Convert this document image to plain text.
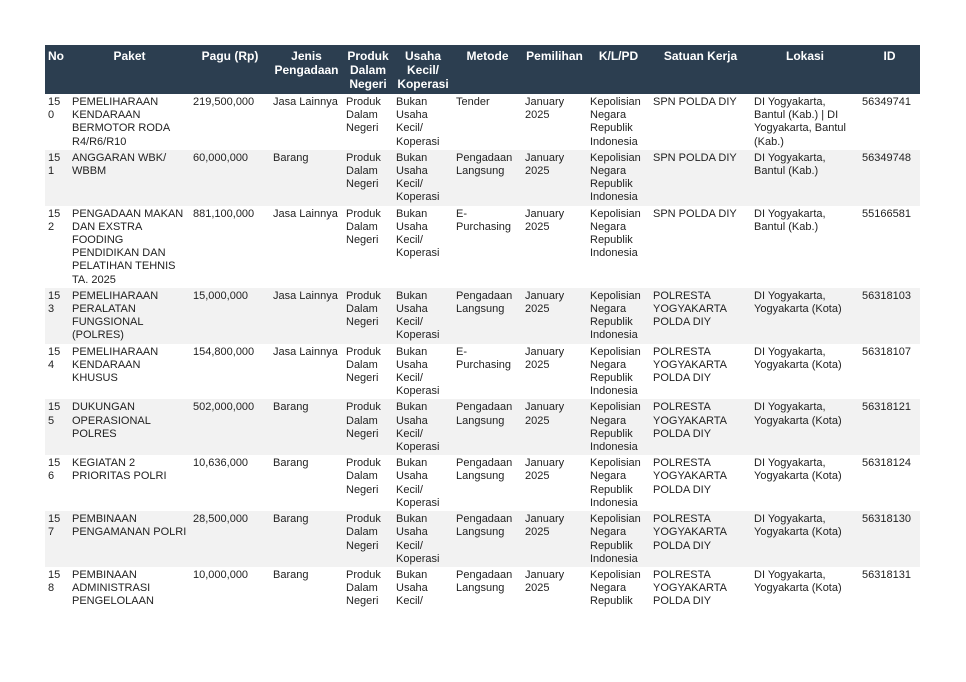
No	Paket	Pagu (Rp)	Jenis Pengadaan	Produk Dalam Negeri	Usaha Kecil/ Koperasi	Metode	Pemilihan	K/L/PD	Satuan Kerja	Lokasi	ID
150	PEMELIHARAAN KENDARAAN BERMOTOR RODA R4/R6/R10	219,500,000	Jasa Lainnya	Produk Dalam Negeri	Bukan Usaha Kecil/ Koperasi	Tender	January 2025	Kepolisian Negara Republik Indonesia	SPN POLDA DIY	DI Yogyakarta, Bantul (Kab.) | DI Yogyakarta, Bantul (Kab.)	56349741
151	ANGGARAN WBK/ WBBM	60,000,000	Barang	Produk Dalam Negeri	Bukan Usaha Kecil/ Koperasi	Pengadaan Langsung	January 2025	Kepolisian Negara Republik Indonesia	SPN POLDA DIY	DI Yogyakarta, Bantul (Kab.)	56349748
152	PENGADAAN MAKAN DAN EXSTRA FOODING PENDIDIKAN DAN PELATIHAN TEHNIS TA. 2025	881,100,000	Jasa Lainnya	Produk Dalam Negeri	Bukan Usaha Kecil/ Koperasi	E-Purchasing	January 2025	Kepolisian Negara Republik Indonesia	SPN POLDA DIY	DI Yogyakarta, Bantul (Kab.)	55166581
153	PEMELIHARAAN PERALATAN FUNGSIONAL (POLRES)	15,000,000	Jasa Lainnya	Produk Dalam Negeri	Bukan Usaha Kecil/ Koperasi	Pengadaan Langsung	January 2025	Kepolisian Negara Republik Indonesia	POLRESTA YOGYAKARTA POLDA DIY	DI Yogyakarta, Yogyakarta (Kota)	56318103
154	PEMELIHARAAN KENDARAAN KHUSUS	154,800,000	Jasa Lainnya	Produk Dalam Negeri	Bukan Usaha Kecil/ Koperasi	E-Purchasing	January 2025	Kepolisian Negara Republik Indonesia	POLRESTA YOGYAKARTA POLDA DIY	DI Yogyakarta, Yogyakarta (Kota)	56318107
155	DUKUNGAN OPERASIONAL POLRES	502,000,000	Barang	Produk Dalam Negeri	Bukan Usaha Kecil/ Koperasi	Pengadaan Langsung	January 2025	Kepolisian Negara Republik Indonesia	POLRESTA YOGYAKARTA POLDA DIY	DI Yogyakarta, Yogyakarta (Kota)	56318121
156	KEGIATAN 2 PRIORITAS POLRI	10,636,000	Barang	Produk Dalam Negeri	Bukan Usaha Kecil/ Koperasi	Pengadaan Langsung	January 2025	Kepolisian Negara Republik Indonesia	POLRESTA YOGYAKARTA POLDA DIY	DI Yogyakarta, Yogyakarta (Kota)	56318124
157	PEMBINAAN PENGAMANAN POLRI	28,500,000	Barang	Produk Dalam Negeri	Bukan Usaha Kecil/ Koperasi	Pengadaan Langsung	January 2025	Kepolisian Negara Republik Indonesia	POLRESTA YOGYAKARTA POLDA DIY	DI Yogyakarta, Yogyakarta (Kota)	56318130
158	PEMBINAAN ADMINISTRASI PENGELOLAAN	10,000,000	Barang	Produk Dalam Negeri	Bukan Usaha Kecil/	Pengadaan Langsung	January 2025	Kepolisian Negara Republik	POLRESTA YOGYAKARTA POLDA DIY	DI Yogyakarta, Yogyakarta (Kota)	56318131
